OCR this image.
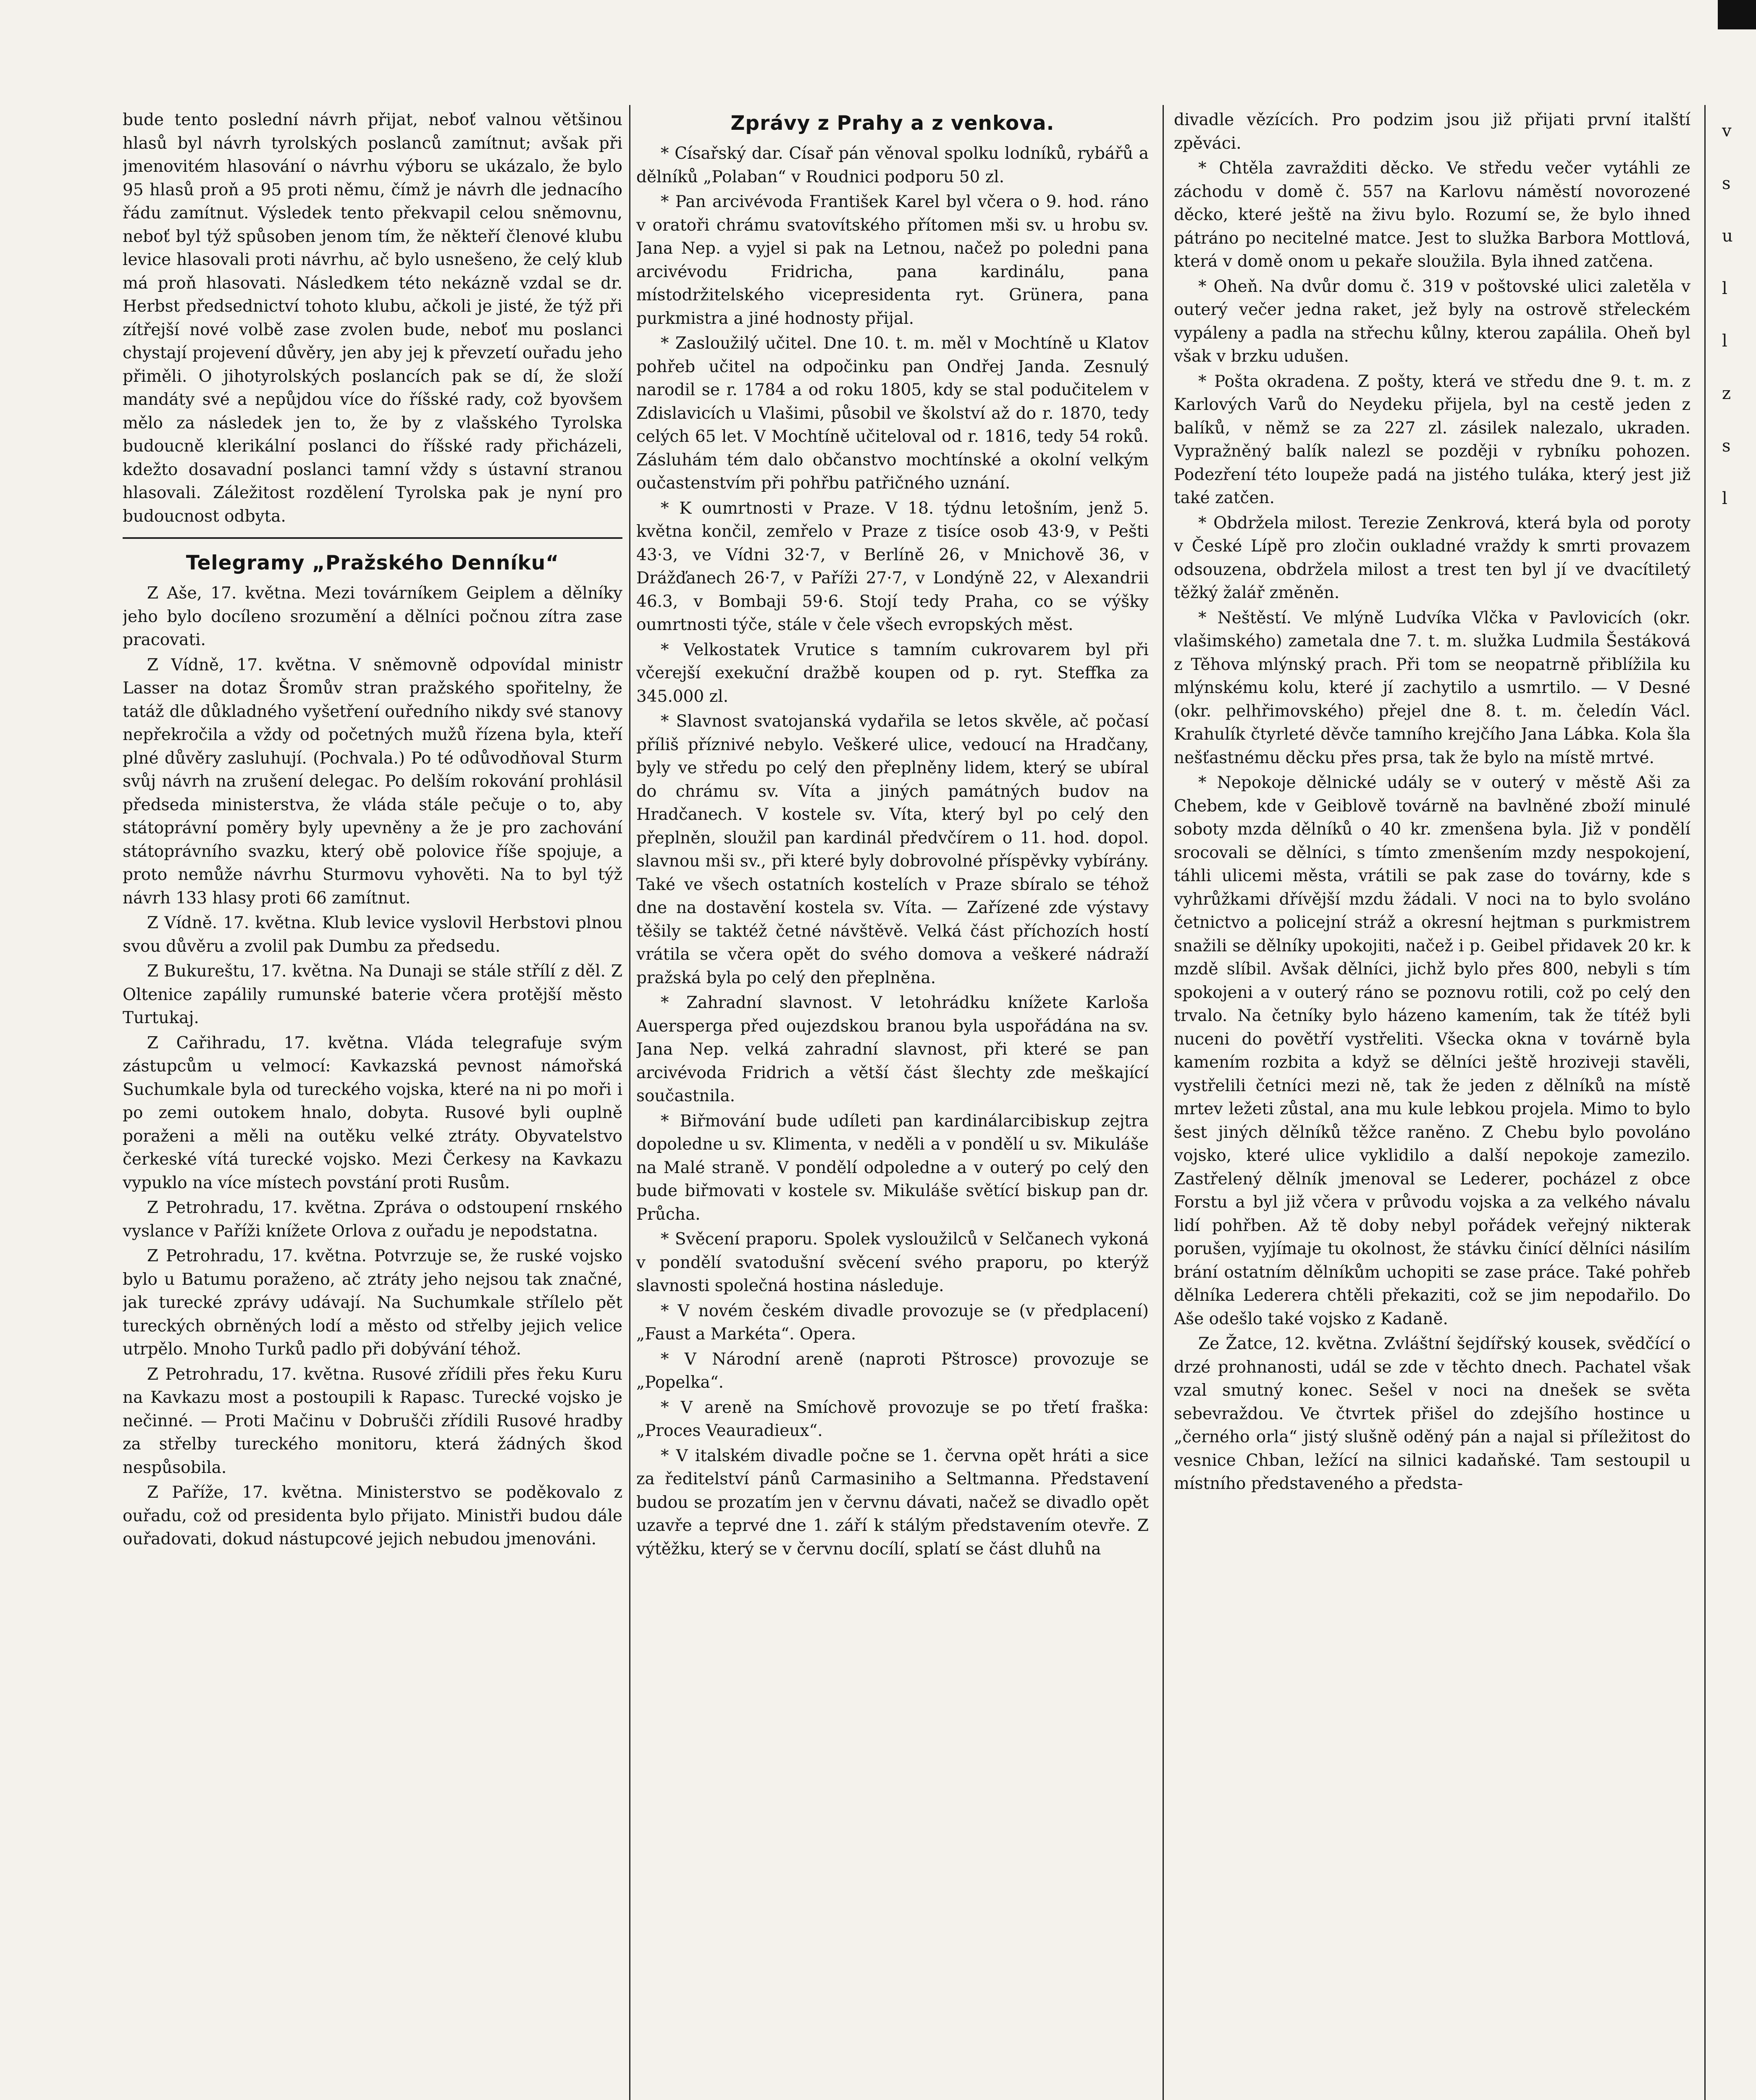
bude tento poslední návrh přijat, neboť valnou většinou hlasů byl návrh tyrolských poslanců zamítnut; avšak při jmenovitém hlasování o návrhu výboru se ukázalo, že bylo 95 hlasů proň a 95 proti němu, čímž je návrh dle jednacího řádu zamítnut. Výsledek tento překvapil celou sněmovnu, neboť byl týž spůsoben jenom tím, že někteří členové klubu levice hlasovali proti návrhu, ač bylo usnešeno, že celý klub má proň hlasovati. Následkem této nekázně vzdal se dr. Herbst předsednictví tohoto klubu, ačkoli je jisté, že týž při zítřejší nové volbě zase zvolen bude, neboť mu poslanci chystají projevení důvěry, jen aby jej k převzetí ouřadu jeho přiměli. O jihotyrolských poslancích pak se dí, že složí mandáty své a nepůjdou více do říšské rady, což byovšem mělo za následek jen to, že by z vlašského Tyrolska budoucně klerikální poslanci do říšské rady přicházeli, kdežto dosavadní poslanci tamní vždy s ústavní stranou hlasovali. Záležitost rozdělení Tyrolska pak je nyní pro budoucnost odbyta.

Telegramy „Pražského Denníku“

Z Aše, 17. května. Mezi továrníkem Geiplem a dělníky jeho bylo docíleno srozumění a dělníci počnou zítra zase pracovati.

Z Vídně, 17. května. V sněmovně odpovídal ministr Lasser na dotaz Šromův stran pražského spořitelny, že tatáž dle důkladného vyšetření ouředního nikdy své stanovy nepřekročila a vždy od početných mužů řízena byla, kteří plné důvěry zasluhují. (Pochvala.) Po té odůvodňoval Sturm svůj návrh na zrušení delegac. Po delším rokování prohlásil předseda ministerstva, že vláda stále pečuje o to, aby státoprávní poměry byly upevněny a že je pro zachování státoprávního svazku, který obě polovice říše spojuje, a proto nemůže návrhu Sturmovu vyhověti. Na to byl týž návrh 133 hlasy proti 66 zamítnut.

Z Vídně. 17. května. Klub levice vyslovil Herbstovi plnou svou důvěru a zvolil pak Dumbu za předsedu.

Z Bukureštu, 17. května. Na Dunaji se stále střílí z děl. Z Oltenice zapálily rumunské baterie včera protější město Turtukaj.

Z Cařihradu, 17. května. Vláda telegrafuje svým zástupcům u velmocí: Kavkazská pevnost námořská Suchumkale byla od tureckého vojska, které na ni po moři i po zemi outokem hnalo, dobyta. Rusové byli ouplně poraženi a měli na outěku velké ztráty. Obyvatelstvo čerkeské vítá turecké vojsko. Mezi Čerkesy na Kavkazu vypuklo na více místech povstání proti Rusům.

Z Petrohradu, 17. května. Zpráva o odstoupení rnského vyslance v Paříži knížete Orlova z ouřadu je nepodstatna.

Z Petrohradu, 17. května. Potvrzuje se, že ruské vojsko bylo u Batumu poraženo, ač ztráty jeho nejsou tak značné, jak turecké zprávy udávají. Na Suchumkale střílelo pět tureckých obrněných lodí a město od střelby jejich velice utrpělo. Mnoho Turků padlo při dobývání téhož.

Z Petrohradu, 17. května. Rusové zřídili přes řeku Kuru na Kavkazu most a postoupili k Rapasc. Turecké vojsko je nečinné. — Proti Mačinu v Dobrušči zřídili Rusové hradby za střelby tureckého monitoru, která žádných škod nespůsobila.

Z Paříže, 17. května. Ministerstvo se poděkovalo z ouřadu, což od presidenta bylo přijato. Ministři budou dále ouřadovati, dokud nástupcové jejich nebudou jmenováni.

Zprávy z Prahy a z venkova.

* Císařský dar. Císař pán věnoval spolku lodníků, rybářů a dělníků „Polaban“ v Roudnici podporu 50 zl.

* Pan arcivévoda František Karel byl včera o 9. hod. ráno v oratoři chrámu svatovítského přítomen mši sv. u hrobu sv. Jana Nep. a vyjel si pak na Letnou, načež po poledni pana arcivévodu Fridricha, pana kardinálu, pana místodržitelského vicepresidenta ryt. Grünera, pana purkmistra a jiné hodnosty přijal.

* Zasloužilý učitel. Dne 10. t. m. měl v Mochtíně u Klatov pohřeb učitel na odpočinku pan Ondřej Janda. Zesnulý narodil se r. 1784 a od roku 1805, kdy se stal podučitelem v Zdislavicích u Vlašimi, působil ve školství až do r. 1870, tedy celých 65 let. V Mochtíně učiteloval od r. 1816, tedy 54 roků. Zásluhám tém dalo občanstvo mochtínské a okolní velkým oučastenstvím při pohřbu patřičného uznání.

* K oumrtnosti v Praze. V 18. týdnu letošním, jenž 5. května končil, zemřelo v Praze z tisíce osob 43·9, v Pešti 43·3, ve Vídni 32·7, v Berlíně 26, v Mnichově 36, v Drážďanech 26·7, v Paříži 27·7, v Londýně 22, v Alexandrii 46.3, v Bombaji 59·6. Stojí tedy Praha, co se výšky oumrtnosti týče, stále v čele všech evropských měst.

* Velkostatek Vrutice s tamním cukrovarem byl při včerejší exekuční dražbě koupen od p. ryt. Steffka za 345.000 zl.

* Slavnost svatojanská vydařila se letos skvěle, ač počasí příliš příznivé nebylo. Veškeré ulice, vedoucí na Hradčany, byly ve středu po celý den přeplněny lidem, který se ubíral do chrámu sv. Víta a jiných památných budov na Hradčanech. V kostele sv. Víta, který byl po celý den přeplněn, sloužil pan kardinál předvčírem o 11. hod. dopol. slavnou mši sv., při které byly dobrovolné příspěvky vybírány. Také ve všech ostatních kostelích v Praze sbíralo se téhož dne na dostavění kostela sv. Víta. — Zařízené zde výstavy těšily se taktéž četné návštěvě. Velká část příchozích hostí vrátila se včera opět do svého domova a veškeré nádraží pražská byla po celý den přeplněna.

* Zahradní slavnost. V letohrádku knížete Karloša Auersperga před oujezdskou branou byla uspořádána na sv. Jana Nep. velká zahradní slavnost, při které se pan arcivévoda Fridrich a větší část šlechty zde meškající součastnila.

* Biřmování bude udíleti pan kardinálarcibiskup zejtra dopoledne u sv. Klimenta, v neděli a v pondělí u sv. Mikuláše na Malé straně. V pondělí odpoledne a v outerý po celý den bude biřmovati v kostele sv. Mikuláše světící biskup pan dr. Průcha.

* Svěcení praporu. Spolek vysloužilců v Selčanech vykoná v pondělí svatodušní svěcení svého praporu, po kterýž slavnosti společná hostina následuje.

* V novém českém divadle provozuje se (v předplacení) „Faust a Markéta“. Opera.

* V Národní areně (naproti Pštrosce) provozuje se „Popelka“.

* V areně na Smíchově provozuje se po třetí fraška: „Proces Veauradieux“.

* V italském divadle počne se 1. června opět hráti a sice za ředitelství pánů Carmasiniho a Seltmanna. Představení budou se prozatím jen v červnu dávati, načež se divadlo opět uzavře a teprvé dne 1. září k stálým představením otevře. Z výtěžku, který se v červnu docílí, splatí se část dluhů na

divadle vězících. Pro podzim jsou již přijati první italští zpěváci.

* Chtěla zavražditi děcko. Ve středu večer vytáhli ze záchodu v domě č. 557 na Karlovu náměstí novorozené děcko, které ještě na živu bylo. Rozumí se, že bylo ihned pátráno po necitelné matce. Jest to služka Barbora Mottlová, která v domě onom u pekaře sloužila. Byla ihned zatčena.

* Oheň. Na dvůr domu č. 319 v poštovské ulici zaletěla v outerý večer jedna raket, jež byly na ostrově střeleckém vypáleny a padla na střechu kůlny, kterou zapálila. Oheň byl však v brzku udušen.

* Pošta okradena. Z pošty, která ve středu dne 9. t. m. z Karlových Varů do Neydeku přijela, byl na cestě jeden z balíků, v němž se za 227 zl. zásilek nalezalo, ukraden. Vypražněný balík nalezl se později v rybníku pohozen. Podezření této loupeže padá na jistého tuláka, který jest již také zatčen.

* Obdržela milost. Terezie Zenkrová, která byla od poroty v České Lípě pro zločin oukladné vraždy k smrti provazem odsouzena, obdržela milost a trest ten byl jí ve dvacítiletý těžký žalář změněn.

* Neštěstí. Ve mlýně Ludvíka Vlčka v Pavlovicích (okr. vlašimského) zametala dne 7. t. m. služka Ludmila Šestáková z Těhova mlýnský prach. Při tom se neopatrně přiblížila ku mlýnskému kolu, které jí zachytilo a usmrtilo. — V Desné (okr. pelhřimovského) přejel dne 8. t. m. čeledín Václ. Krahulík čtyrleté děvče tamního krejčího Jana Lábka. Kola šla nešťastnému děcku přes prsa, tak že bylo na místě mrtvé.

* Nepokoje dělnické udály se v outerý v městě Aši za Chebem, kde v Geiblově továrně na bavlněné zboží minulé soboty mzda dělníků o 40 kr. zmenšena byla. Již v pondělí srocovali se dělníci, s tímto zmenšením mzdy nespokojení, táhli ulicemi města, vrátili se pak zase do továrny, kde s vyhrůžkami dřívější mzdu žádali. V noci na to bylo svoláno četnictvo a policejní stráž a okresní hejtman s purkmistrem snažili se dělníky upokojiti, načež i p. Geibel přidavek 20 kr. k mzdě slíbil. Avšak dělníci, jichž bylo přes 800, nebyli s tím spokojeni a v outerý ráno se poznovu rotili, což po celý den trvalo. Na četníky bylo házeno kamením, tak že títéž byli nuceni do povětří vystřeliti. Všecka okna v továrně byla kamením rozbita a když se dělníci ještě hroziveji stavěli, vystřelili četníci mezi ně, tak že jeden z dělníků na místě mrtev ležeti zůstal, ana mu kule lebkou projela. Mimo to bylo šest jiných dělníků těžce raněno. Z Chebu bylo povoláno vojsko, které ulice vyklidilo a další nepokoje zamezilo. Zastřelený dělník jmenoval se Lederer, pocházel z obce Forstu a byl již včera v průvodu vojska a za velkého návalu lidí pohřben. Až tě doby nebyl pořádek veřejný nikterak porušen, vyjímaje tu okolnost, že stávku činící dělníci násilím brání ostatním dělníkům uchopiti se zase práce. Také pohřeb dělníka Lederera chtěli překaziti, což se jim nepodařilo. Do Aše odešlo také vojsko z Kadaně.

Ze Žatce, 12. května. Zvláštní šejdířský kousek, svědčící o drzé prohnanosti, udál se zde v těchto dnech. Pachatel však vzal smutný konec. Sešel v noci na dnešek se světa sebevraždou. Ve čtvrtek přišel do zdejšího hostince u „černého orla“ jistý slušně oděný pán a najal si příležitost do vesnice Chban, ležící na silnici kadaňské. Tam sestoupil u místního představeného a předsta-

v
s
u
l
l
z
s
l
